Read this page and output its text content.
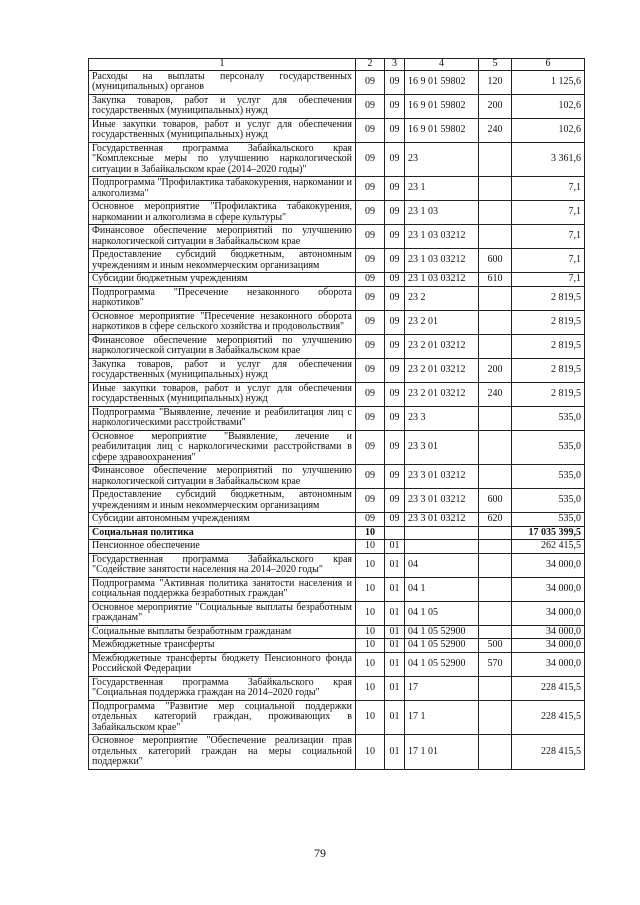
1	2	3	4	5	6
Расходы на выплаты персоналу государственных (муниципальных) органов	09	09	16 9 01 59802	120	1 125,6
Закупка товаров, работ и услуг для обеспечения государственных (муниципальных) нужд	09	09	16 9 01 59802	200	102,6
Иные закупки товаров, работ и услуг для обеспечения государственных (муниципальных) нужд	09	09	16 9 01 59802	240	102,6
Государственная программа Забайкальского края "Комплексные меры по улучшению наркологической ситуации в Забайкальском крае (2014–2020 годы)"	09	09	23		3 361,6
Подпрограмма "Профилактика табакокурения, наркомании и алкоголизма"	09	09	23 1		7,1
Основное мероприятие "Профилактика табакокурения, наркомании и алкоголизма в сфере культуры"	09	09	23 1 03		7,1
Финансовое обеспечение мероприятий по улучшению наркологической ситуации в Забайкальском крае	09	09	23 1 03 03212		7,1
Предоставление субсидий бюджетным, автономным учреждениям и иным некоммерческим организациям	09	09	23 1 03 03212	600	7,1
Субсидии бюджетным учреждениям	09	09	23 1 03 03212	610	7,1
Подпрограмма "Пресечение незаконного оборота наркотиков"	09	09	23 2		2 819,5
Основное мероприятие "Пресечение незаконного оборота наркотиков в сфере сельского хозяйства и продовольствия"	09	09	23 2 01		2 819,5
Финансовое обеспечение мероприятий по улучшению наркологической ситуации в Забайкальском крае	09	09	23 2 01 03212		2 819,5
Закупка товаров, работ и услуг для обеспечения государственных (муниципальных) нужд	09	09	23 2 01 03212	200	2 819,5
Иные закупки товаров, работ и услуг для обеспечения государственных (муниципальных) нужд	09	09	23 2 01 03212	240	2 819,5
Подпрограмма "Выявление, лечение и реабилитация лиц с наркологическими расстройствами"	09	09	23 3		535,0
Основное мероприятие "Выявление, лечение и реабилитация лиц с наркологическими расстройствами в сфере здравоохранения"	09	09	23 3 01		535,0
Финансовое обеспечение мероприятий по улучшению наркологической ситуации в Забайкальском крае	09	09	23 3 01 03212		535,0
Предоставление субсидий бюджетным, автономным учреждениям и иным некоммерческим организациям	09	09	23 3 01 03212	600	535,0
Субсидии автономным учреждениям	09	09	23 3 01 03212	620	535,0
Социальная политика	10				17 035 399,5
Пенсионное обеспечение	10	01			262 415,5
Государственная программа Забайкальского края "Содействие занятости населения на 2014–2020 годы"	10	01	04		34 000,0
Подпрограмма "Активная политика занятости населения и социальная поддержка безработных граждан"	10	01	04 1		34 000,0
Основное мероприятие "Социальные выплаты безработным гражданам"	10	01	04 1 05		34 000,0
Социальные выплаты безработным гражданам	10	01	04 1 05 52900		34 000,0
Межбюджетные трансферты	10	01	04 1 05 52900	500	34 000,0
Межбюджетные трансферты бюджету Пенсионного фонда Российской Федерации	10	01	04 1 05 52900	570	34 000,0
Государственная программа Забайкальского края "Социальная поддержка граждан на 2014–2020 годы"	10	01	17		228 415,5
Подпрограмма "Развитие мер социальной поддержки отдельных категорий граждан, проживающих в Забайкальском крае"	10	01	17 1		228 415,5
Основное мероприятие "Обеспечение реализации прав отдельных категорий граждан на меры социальной поддержки"	10	01	17 1 01		228 415,5
79
